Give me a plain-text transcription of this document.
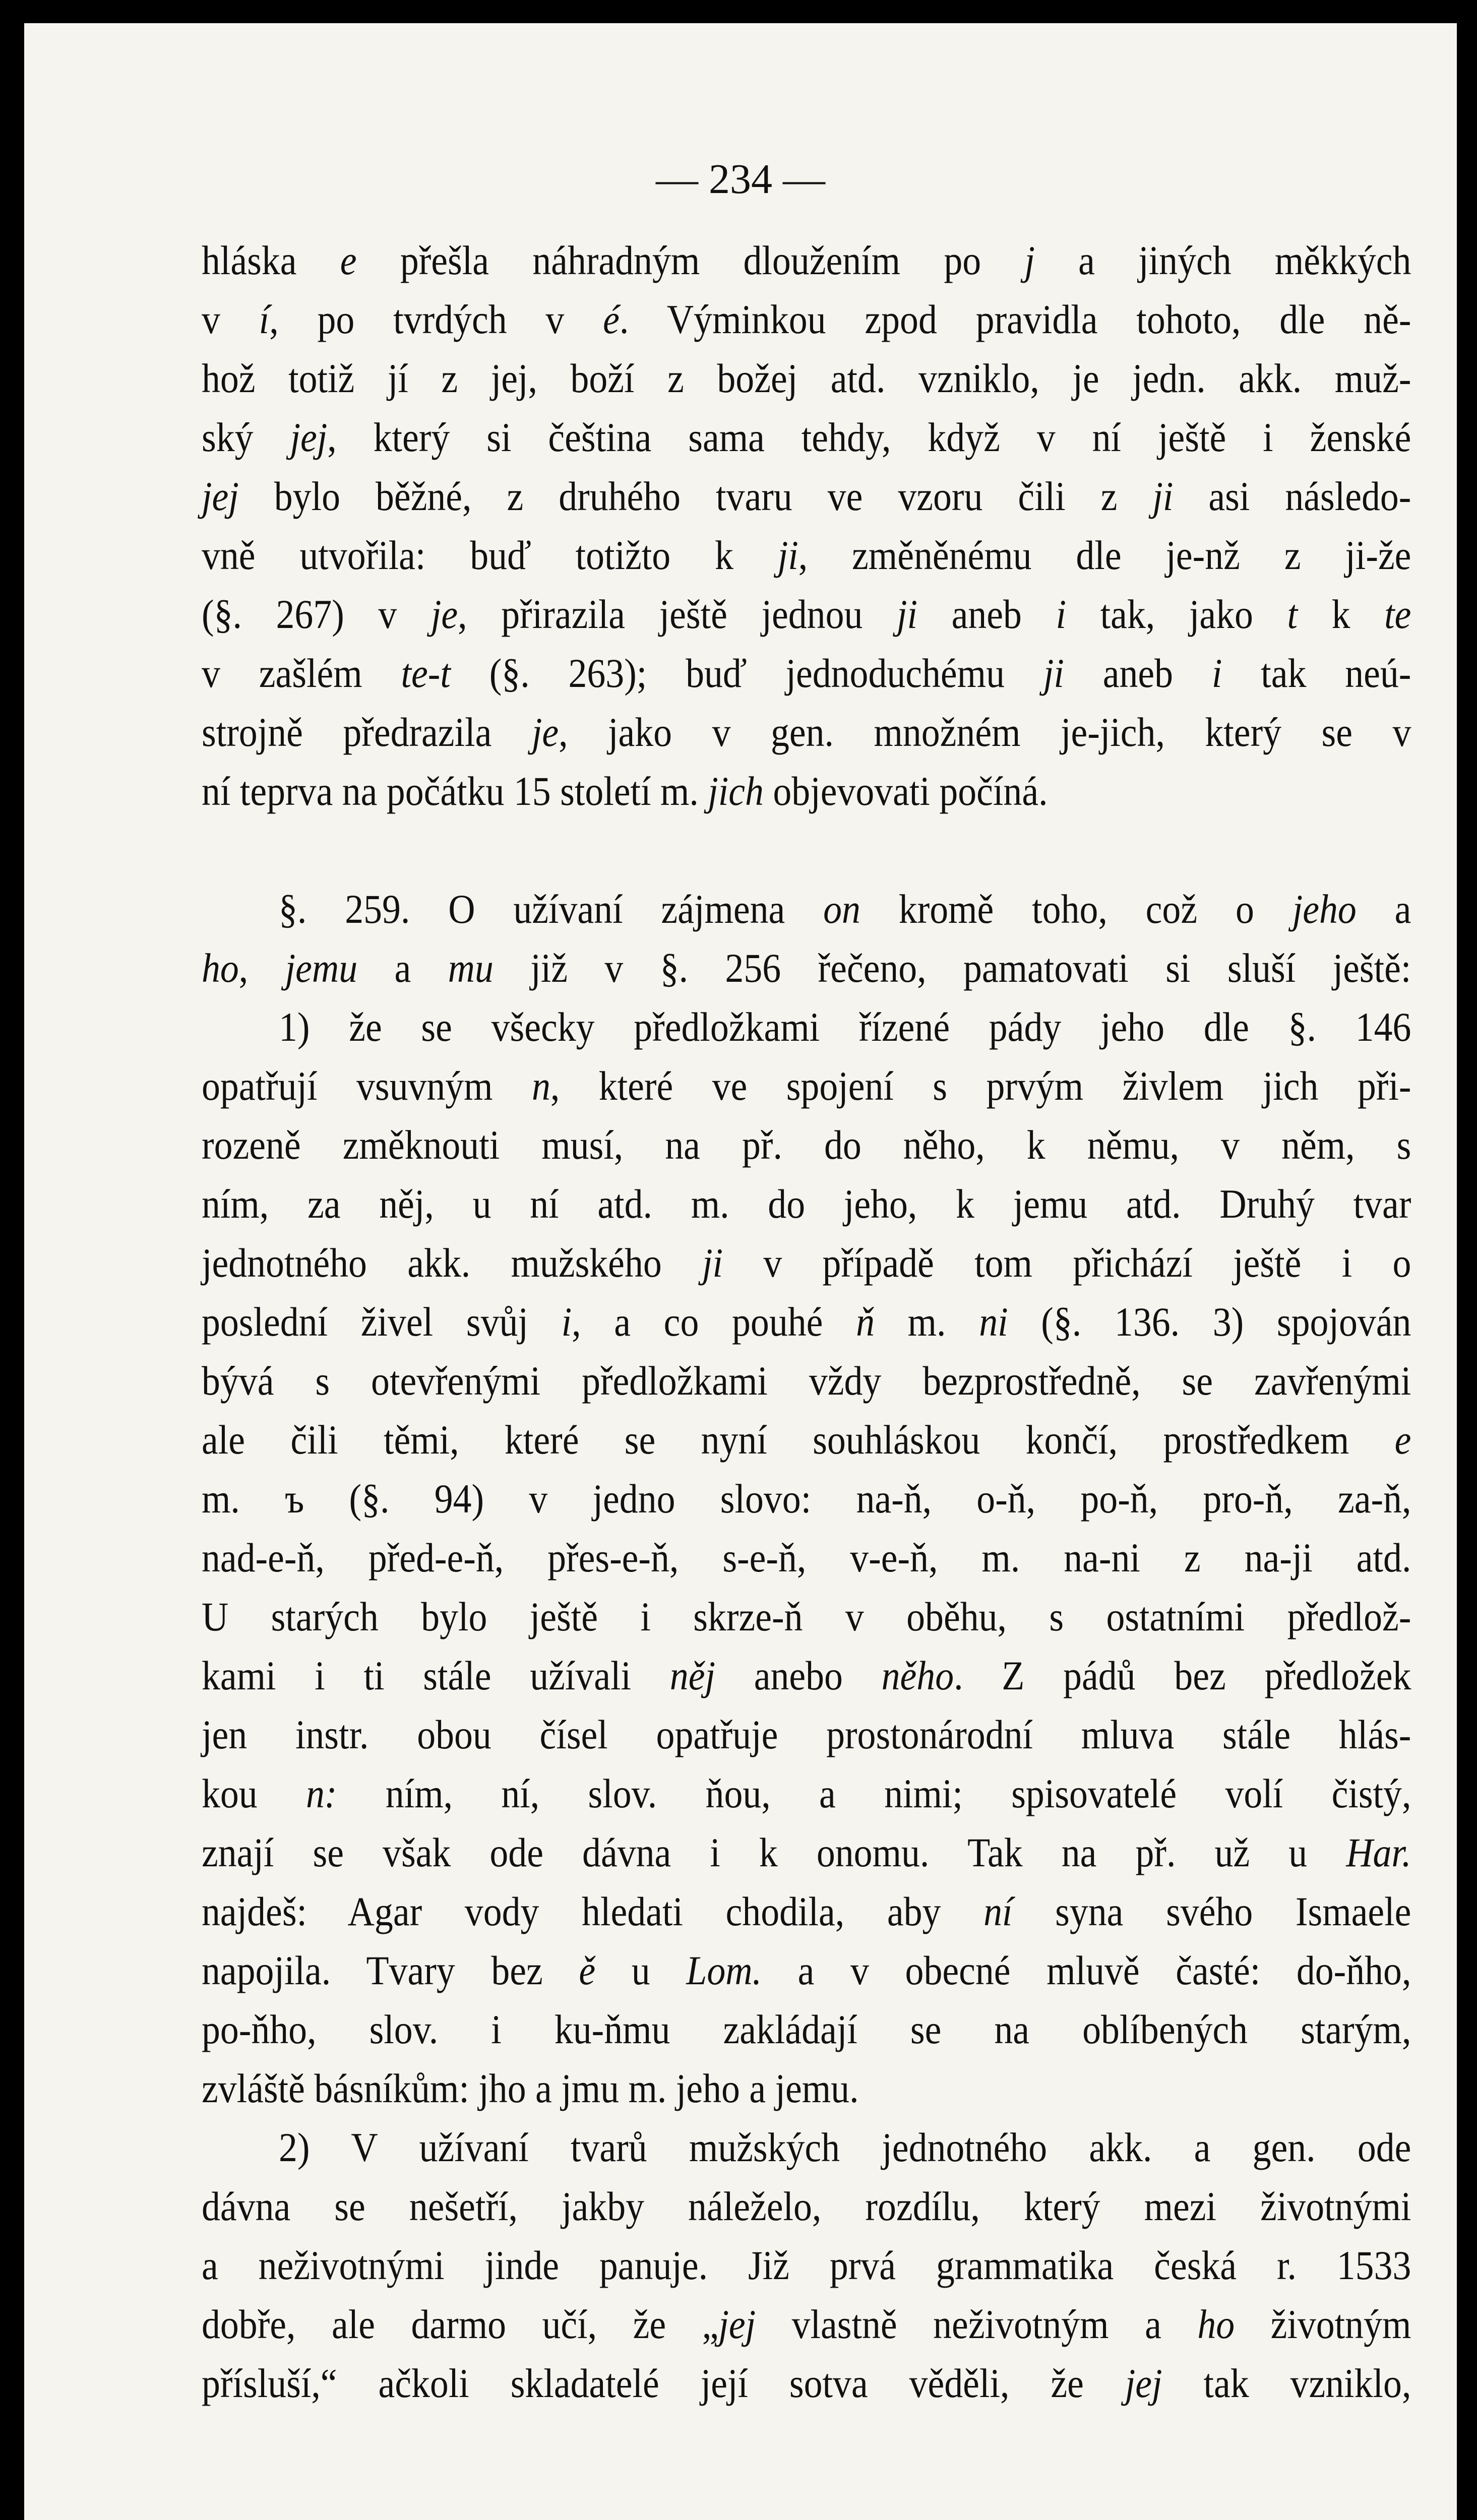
— 234 —
hláska e přešla náhradným dloužením po j a jiných měkkých
v í, po tvrdých v é. Výminkou zpod pravidla tohoto, dle ně-
hož totiž jí z jej, boží z božej atd. vzniklo, je jedn. akk. muž-
ský jej, který si čeština sama tehdy, když v ní ještě i ženské
jej bylo běžné, z druhého tvaru ve vzoru čili z ji asi následo-
vně utvořila: buď totižto k ji, změněnému dle je-nž z ji-že
(§. 267) v je, přirazila ještě jednou ji aneb i tak, jako t k te
v zašlém te-t (§. 263); buď jednoduchému ji aneb i tak neú-
strojně předrazila je, jako v gen. množném je-jich, který se v
ní teprva na počátku 15 století m. jich objevovati počíná.
§. 259. O užívaní zájmena on kromě toho, což o jeho a
ho, jemu a mu již v §. 256 řečeno, pamatovati si sluší ještě:
1) že se všecky předložkami řízené pády jeho dle §. 146
opatřují vsuvným n, které ve spojení s prvým živlem jich při-
rozeně změknouti musí, na př. do něho, k němu, v něm, s
ním, za něj, u ní atd. m. do jeho, k jemu atd. Druhý tvar
jednotného akk. mužského ji v případě tom přichází ještě i o
poslední živel svůj i, a co pouhé ň m. ni (§. 136. 3) spojován
bývá s otevřenými předložkami vždy bezprostředně, se zavřenými
ale čili těmi, které se nyní souhláskou končí, prostředkem e
m. ъ (§. 94) v jedno slovo: na-ň, o-ň, po-ň, pro-ň, za-ň,
nad-e-ň, před-e-ň, přes-e-ň, s-e-ň, v-e-ň, m. na-ni z na-ji atd.
U starých bylo ještě i skrze-ň v oběhu, s ostatními předlož-
kami i ti stále užívali něj anebo něho. Z pádů bez předložek
jen instr. obou čísel opatřuje prostonárodní mluva stále hlás-
kou n: ním, ní, slov. ňou, a nimi; spisovatelé volí čistý,
znají se však ode dávna i k onomu. Tak na př. už u Har.
najdeš: Agar vody hledati chodila, aby ní syna svého Ismaele
napojila. Tvary bez ě u Lom. a v obecné mluvě časté: do-ňho,
po-ňho, slov. i ku-ňmu zakládají se na oblíbených starým,
zvláště básníkům: jho a jmu m. jeho a jemu.
2) V užívaní tvarů mužských jednotného akk. a gen. ode
dávna se nešetří, jakby náleželo, rozdílu, který mezi životnými
a neživotnými jinde panuje. Již prvá grammatika česká r. 1533
dobře, ale darmo učí, že „jej vlastně neživotným a ho životným
přísluší,“ ačkoli skladatelé její sotva věděli, že jej tak vzniklo,
